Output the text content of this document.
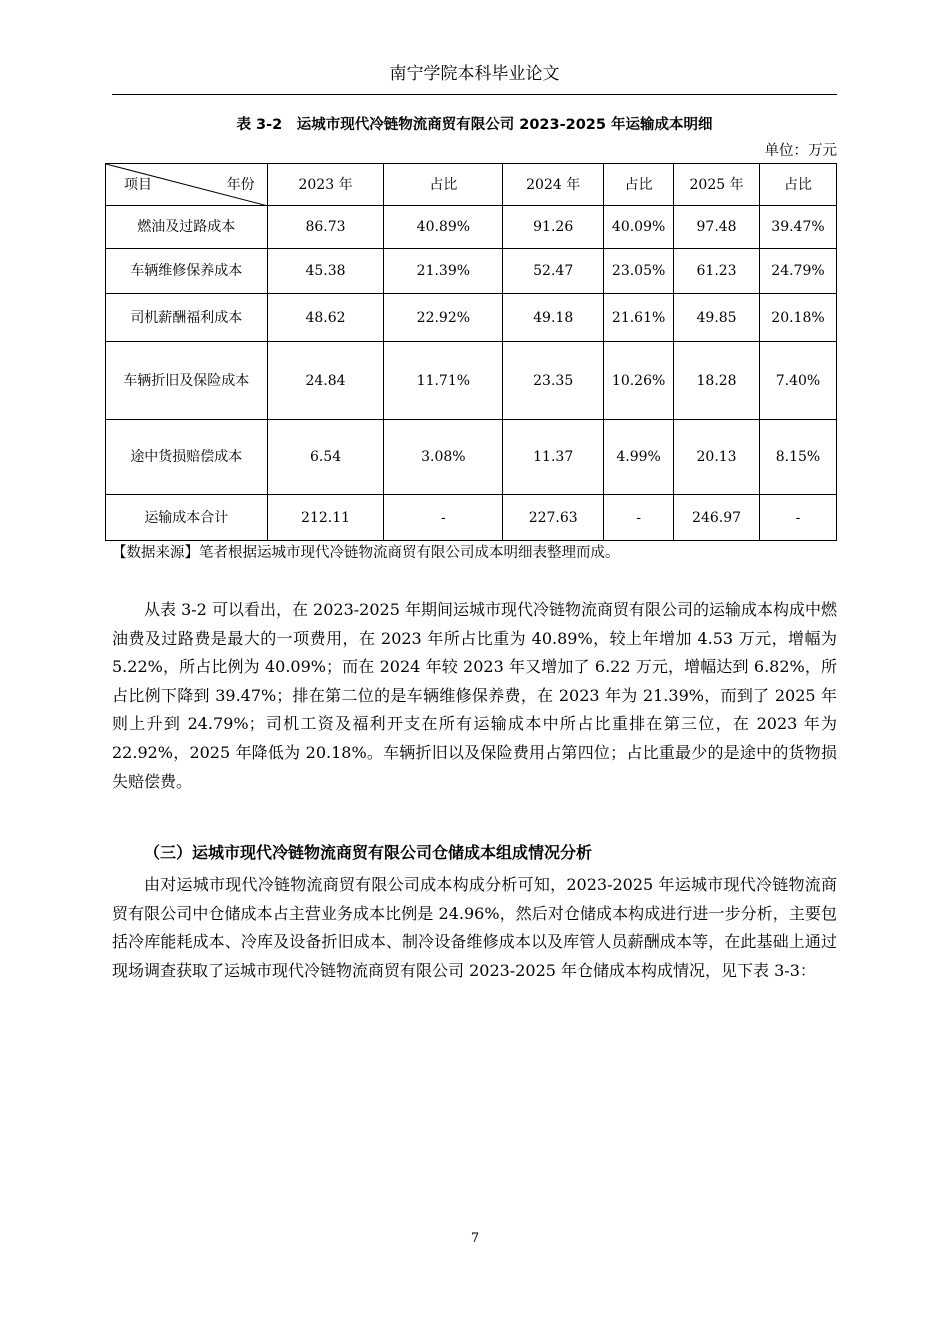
南宁学院本科毕业论文
表 3-2　运城市现代冷链物流商贸有限公司 2023-2025 年运输成本明细
单位：万元
项目 年份	2023 年	占比	2024 年	占比	2025 年	占比
燃油及过路成本	86.73	40.89%	91.26	40.09%	97.48	39.47%
车辆维修保养成本	45.38	21.39%	52.47	23.05%	61.23	24.79%
司机薪酬福利成本	48.62	22.92%	49.18	21.61%	49.85	20.18%
车辆折旧及保险成本	24.84	11.71%	23.35	10.26%	18.28	7.40%
途中货损赔偿成本	6.54	3.08%	11.37	4.99%	20.13	8.15%
运输成本合计	212.11	-	227.63	-	246.97	-
【数据来源】笔者根据运城市现代冷链物流商贸有限公司成本明细表整理而成。

从表 3-2 可以看出，在 2023-2025 年期间运城市现代冷链物流商贸有限公司的运输成本构成中燃油费及过路费是最大的一项费用，在 2023 年所占比重为 40.89%，较上年增加 4.53 万元，增幅为 5.22%，所占比例为 40.09%；而在 2024 年较 2023 年又增加了 6.22 万元，增幅达到 6.82%，所占比例下降到 39.47%；排在第二位的是车辆维修保养费，在 2023 年为 21.39%，而到了 2025 年则上升到 24.79%；司机工资及福利开支在所有运输成本中所占比重排在第三位，在 2023 年为 22.92%，2025 年降低为 20.18%。车辆折旧以及保险费用占第四位；占比重最少的是途中的货物损失赔偿费。

（三）运城市现代冷链物流商贸有限公司仓储成本组成情况分析

由对运城市现代冷链物流商贸有限公司成本构成分析可知，2023-2025 年运城市现代冷链物流商贸有限公司中仓储成本占主营业务成本比例是 24.96%，然后对仓储成本构成进行进一步分析，主要包括冷库能耗成本、冷库及设备折旧成本、制冷设备维修成本以及库管人员薪酬成本等，在此基础上通过现场调查获取了运城市现代冷链物流商贸有限公司 2023-2025 年仓储成本构成情况，见下表 3-3：

7
